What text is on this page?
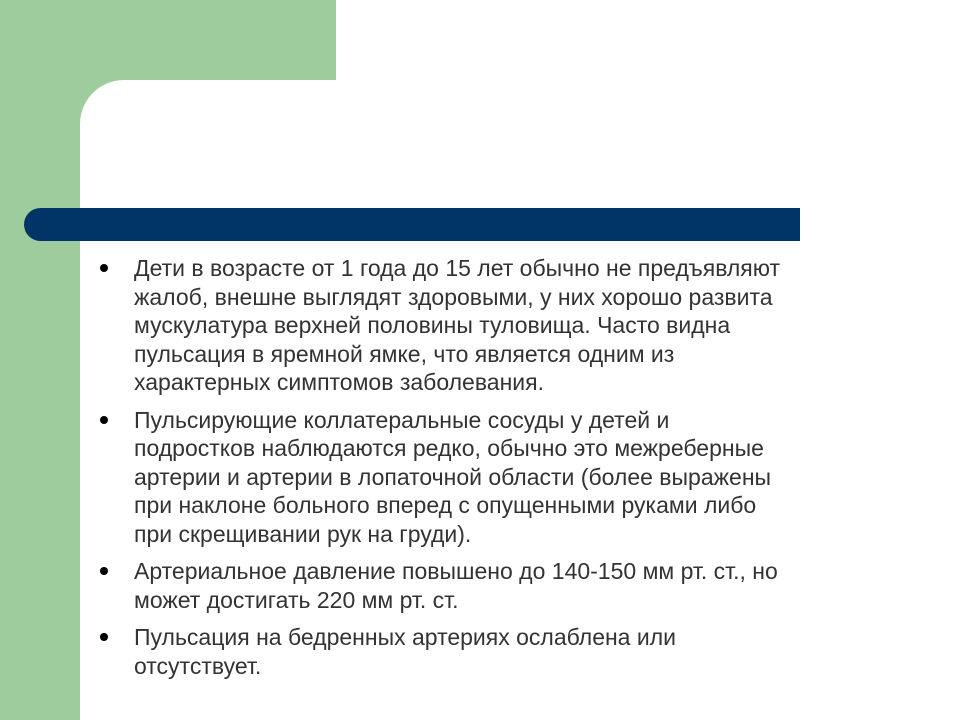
Дети в возрасте от 1 года до 15 лет обычно не предъявляют
жалоб, внешне выглядят здоровыми, у них хорошо развита
мускулатура верхней половины туловища. Часто видна
пульсация в яремной ямке, что является одним из
характерных симптомов заболевания.
Пульсирующие коллатеральные сосуды у детей и
подростков наблюдаются редко, обычно это межреберные
артерии и артерии в лопаточной области (более выражены
при наклоне больного вперед с опущенными руками либо
при скрещивании рук на груди).
Артериальное давление повышено до 140-150 мм рт. ст., но
может достигать 220 мм рт. ст.
Пульсация на бедренных артериях ослаблена или
отсутствует.
